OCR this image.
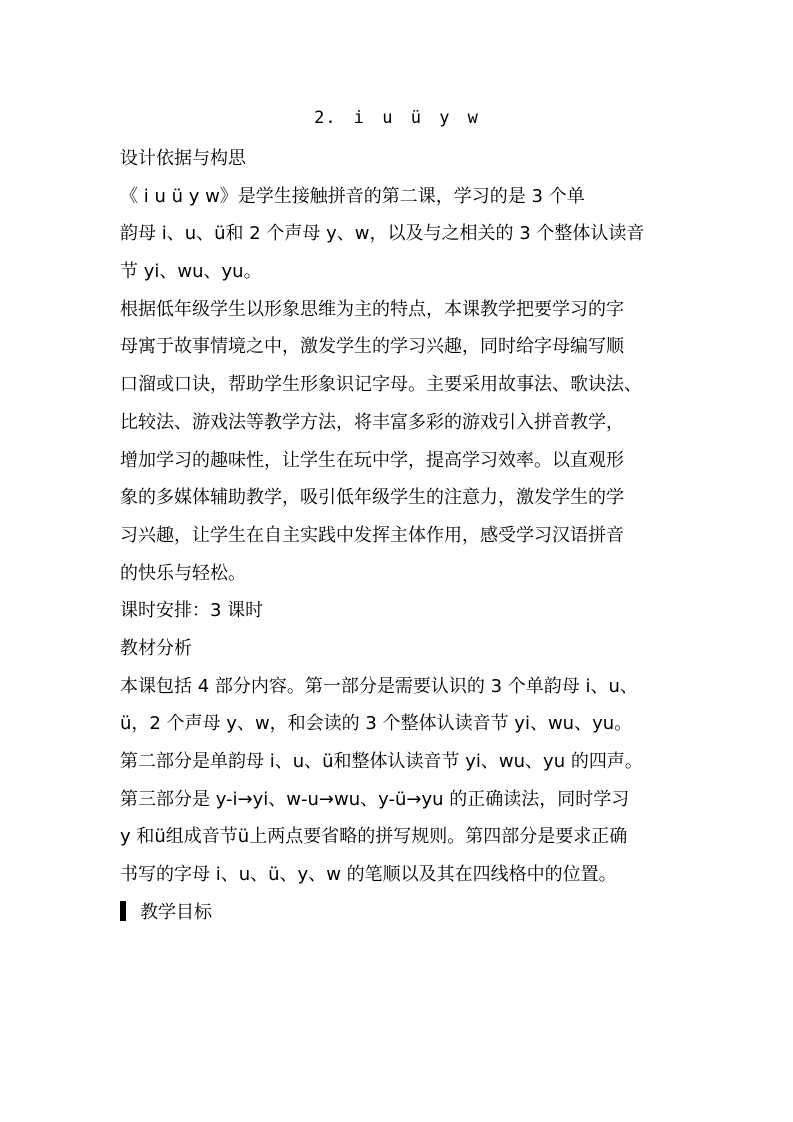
2. i u ü y w
设计依据与构思
《 i u ü y w》是学生接触拼音的第二课，学习的是 3 个单
韵母 i、u、ü和 2 个声母 y、w，以及与之相关的 3 个整体认读音
节 yi、wu、yu。
根据低年级学生以形象思维为主的特点，本课教学把要学习的字
母寓于故事情境之中，激发学生的学习兴趣，同时给字母编写顺
口溜或口诀，帮助学生形象识记字母。主要采用故事法、歌诀法、
比较法、游戏法等教学方法，将丰富多彩的游戏引入拼音教学，
增加学习的趣味性，让学生在玩中学，提高学习效率。以直观形
象的多媒体辅助教学，吸引低年级学生的注意力，激发学生的学
习兴趣，让学生在自主实践中发挥主体作用，感受学习汉语拼音
的快乐与轻松。
课时安排：3 课时
教材分析
本课包括 4 部分内容。第一部分是需要认识的 3 个单韵母 i、u、
ü，2 个声母 y、w，和会读的 3 个整体认读音节 yi、wu、yu。
第二部分是单韵母 i、u、ü和整体认读音节 yi、wu、yu 的四声。
第三部分是 y-i→yi、w-u→wu、y-ü→yu 的正确读法，同时学习
y 和ü组成音节ü上两点要省略的拼写规则。第四部分是要求正确
书写的字母 i、u、ü、y、w 的笔顺以及其在四线格中的位置。
教学目标
